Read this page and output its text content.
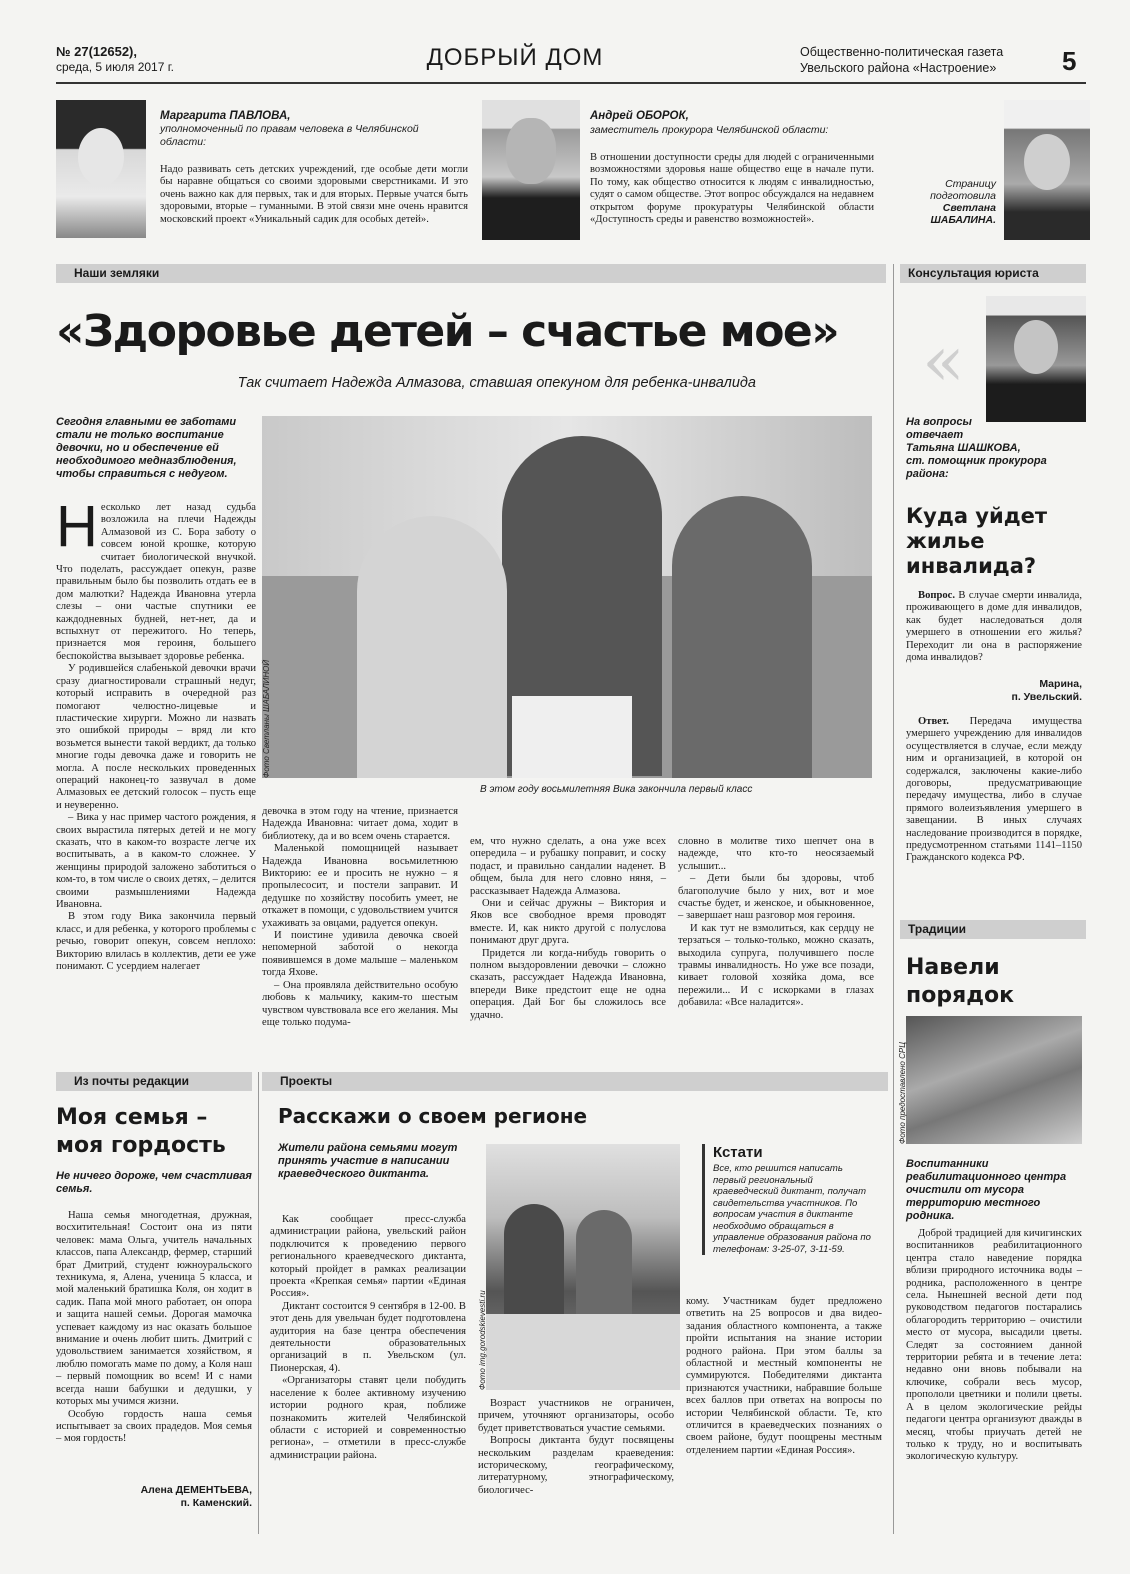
№ 27(12652),
среда, 5 июля 2017 г.	ДОБРЫЙ ДОМ	Общественно-политическая газета
Увельского района «Настроение»	5
Маргарита ПАВЛОВА,
уполномоченный по правам человека в Челябинской области:
Надо развивать сеть детских учреждений, где особые дети могли бы наравне общаться со своими здоровыми сверстниками. И это очень важно как для первых, так и для вторых. Первые учатся быть здоровыми, вторые – гуманными. В этой связи мне очень нравится московский проект «Уникальный садик для особых детей».
Андрей ОБОРОК,
заместитель прокурора Челябинской области:
В отношении доступности среды для людей с ограниченными возможностями здоровья наше общество еще в начале пути. По тому, как общество относится к людям с инвалидностью, судят о самом обществе. Этот вопрос обсуждался на недавнем открытом форуме прокуратуры Челябинской области «Доступность среды и равенство возможностей».
Страницу
подготовила
Светлана
ШАБАЛИНА.
Наши земляки
«Здоровье детей – счастье мое»
Так считает Надежда Алмазова, ставшая опекуном для ребенка-инвалида
Сегодня главными ее заботами стали не только воспитание девочки, но и обеспечение ей необходимого медназблюдения, чтобы справиться с недугом.
Н есколько лет назад судьба возложила на плечи Надежды Алмазовой из С. Бора заботу о совсем юной крошке, которую считает биологической внучкой. Что поделать, рассуждает опекун, разве правильным было бы позволить отдать ее в дом малютки? Надежда Ивановна утерла слезы – они частые спутники ее каждодневных будней, нет-нет, да и вспыхнут от пережитого. Но теперь, признается моя героиня, большего беспокойства вызывает здоровье ребенка.

У родившейся слабенькой девочки врачи сразу диагностировали страшный недуг, который исправить в очередной раз помогают челюстно-лицевые и пластические хирурги. Можно ли назвать это ошибкой природы – вряд ли кто возьмется вынести такой вердикт, да только многие годы девочка даже и говорить не могла. А после нескольких проведенных операций наконец-то зазвучал в доме Алмазовых ее детский голосок – пусть еще и неуверенно.

– Вика у нас пример частого рождения, я своих вырастила пятерых детей и не могу сказать, что в каком-то возрасте легче их воспитывать, а в каком-то сложнее. У женщины природой заложено заботиться о ком-то, в том числе о своих детях, – делится своими размышлениями Надежда Ивановна.

В этом году Вика закончила первый класс, и для ребенка, у которого проблемы с речью, говорит опекун, совсем неплохо: Викторию влилась в коллектив, дети ее уже понимают. С усердием налегает

Фото Светланы ШАБАЛИНОЙ
В этом году восьмилетняя Вика закончила первый класс

девочка в этом году на чтение, признается Надежда Ивановна: читает дома, ходит в библиотеку, да и во всем очень старается.

Маленькой помощницей называет Надежда Ивановна восьмилетнюю Викторию: ее и просить не нужно – я пропылесосит, и постели заправит. И дедушке по хозяйству пособить умеет, не откажет в помощи, с удовольствием учится ухаживать за овцами, радуется опекун.

И поистине удивила девочка своей непомерной заботой о некогда появившемся в доме малыше – маленьком тогда Яхове.

– Она проявляла действительно особую любовь к мальчику, каким-то шестым чувством чувствовала все его желания. Мы еще только подума-

ем, что нужно сделать, а она уже всех опередила – и рубашку поправит, и соску подаст, и правильно сандалии наденет. В общем, была для него словно няня, – рассказывает Надежда Алмазова.

Они и сейчас дружны – Виктория и Яков все свободное время проводят вместе. И, как никто другой с полуслова понимают друг друга.

Придется ли когда-нибудь говорить о полном выздоровлении девочки – сложно сказать, рассуждает Надежда Ивановна, впереди Вике предстоит еще не одна операция. Дай Бог бы сложилось все удачно.

словно в молитве тихо шепчет она в надежде, что кто-то неосязаемый услышит...

– Дети были бы здоровы, чтоб благополучие было у них, вот и мое счастье будет, и женское, и обыкновенное, – завершает наш разговор моя героиня.

И как тут не взмолиться, как сердцу не терзаться – только-только, можно сказать, выходила супруга, получившего после травмы инвалидность. Но уже все позади, кивает головой хозяйка дома, все пережили... И с искорками в глазах добавила: «Все наладится».

Консультация юриста
«
На вопросы
отвечает
Татьяна ШАШКОВА,
ст. помощник прокурора
района:
Куда уйдет
жилье
инвалида?

Вопрос. В случае смерти инвалида, проживающего в доме для инвалидов, как будет наследоваться доля умершего в отношении его жилья? Переходит ли она в распоряжение дома инвалидов?

Марина,
п. Увельский.

Ответ. Передача имущества умершего учреждению для инвалидов осуществляется в случае, если между ним и организацией, в которой он содержался, заключены какие-либо договоры, предусматривающие передачу имущества, либо в случае прямого волеизъявления умершего в завещании. В иных случаях наследование производится в порядке, предусмотренном статьями 1141–1150 Гражданского кодекса РФ.

Традиции
Навели
порядок
Фото предоставлено СРЦ
Воспитанники реабилитационного центра очистили от мусора территорию местного родника.

Доброй традицией для кичигинских воспитанников реабилитационного центра стало наведение порядка вблизи природного источника воды – родника, расположенного в центре села. Нынешней весной дети под руководством педагогов постарались облагородить территорию – очистили место от мусора, высадили цветы. Следят за состоянием данной территории ребята и в течение лета: недавно они вновь побывали на ключике, собрали весь мусор, пропололи цветники и полили цветы. А в целом экологические рейды педагоги центра организуют дважды в месяц, чтобы приучать детей не только к труду, но и воспитывать экологическую культуру.

Из почты редакции
Моя семья –
моя гордость
Не ничего дороже, чем счастливая семья.

Наша семья многодетная, дружная, восхитительная! Состоит она из пяти человек: мама Ольга, учитель начальных классов, папа Александр, фермер, старший брат Дмитрий, студент южноуральского техникума, я, Алена, ученица 5 класса, и мой маленький братишка Коля, он ходит в садик. Папа мой много работает, он опора и защита нашей семьи. Дорогая мамочка успевает каждому из нас оказать большое внимание и очень любит шить. Дмитрий с удовольствием занимается хозяйством, я люблю помогать маме по дому, а Коля наш – первый помощник во всем! И с нами всегда наши бабушки и дедушки, у которых мы учимся жизни.

Особую гордость наша семья испытывает за своих прадедов. Моя семья – моя гордость!

Алена ДЕМЕНТЬЕВА,
п. Каменский.
Проекты
Расскажи о своем регионе
Жители района семьями могут принять участие в написании краеведческого диктанта.

Как сообщает пресс-служба администрации района, увельский район подключится к проведению первого регионального краеведческого диктанта, который пройдет в рамках реализации проекта «Крепкая семья» партии «Единая Россия».

Диктант состоится 9 сентября в 12-00. В этот день для увельчан будет подготовлена аудитория на базе центра обеспечения деятельности образовательных организаций в п. Увельском (ул. Пионерская, 4).

«Организаторы ставят цели побудить население к более активному изучению истории родного края, поближе познакомить жителей Челябинской области с историей и современностью региона», – отметили в пресс-службе администрации района.

Фото img.gorodskievesti.ru

Возраст участников не ограничен, причем, уточняют организаторы, особо будет приветствоваться участие семьями.

Вопросы диктанта будут посвящены нескольким разделам краеведения: историческому, географическому, литературному, этнографическому, биологичес-

Кстати
Все, кто решится написать первый региональный краеведческий диктант, получат свидетельства участников. По вопросам участия в диктанте необходимо обращаться в управление образования района по телефонам: 3-25-07, 3-11-59.

кому. Участникам будет предложено ответить на 25 вопросов и два видео-задания областного компонента, а также пройти испытания на знание истории родного района. При этом баллы за областной и местный компоненты не суммируются. Победителями диктанта признаются участники, набравшие больше всех баллов при ответах на вопросы по истории Челябинской области. Те, кто отличится в краеведческих познаниях о своем районе, будут поощрены местным отделением партии «Единая Россия».
